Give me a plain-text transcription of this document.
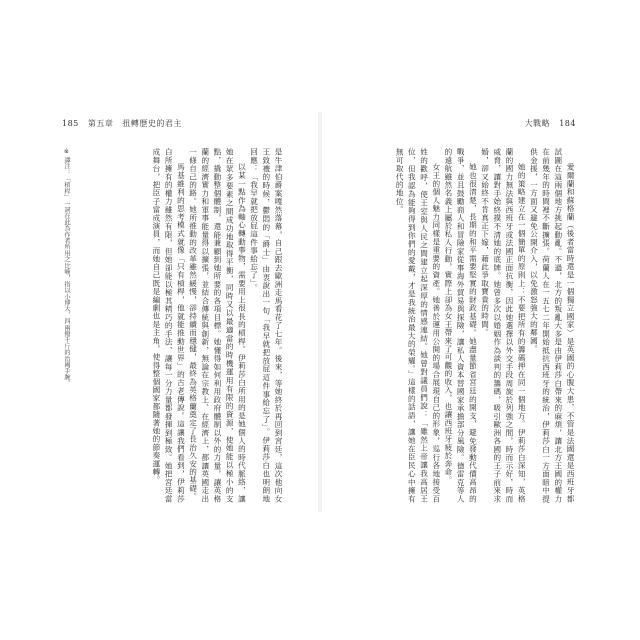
185 第五章 扭轉歷史的君主

是牛津伯爵案嘎然落幕，自己跟去歐洲走馬看花了七年。後來，等她終於再回到宮廷，這次他向女王致禮的時候，鬱悶的「爵士」由衷說出一句「我早就把放屁這件事給忘了」。伊莉莎白也明朗地回應：「我早就把放屁這件事給忘了」。

以某一點作為軸心轉動事物，需要用上很長的槓桿。伊莉莎白所用的是她個人的時代脈絡，讓她在眾多要素之間成功地取得平衡，同時又以最適當的時機運用有限的資源，使她能以極小的支點，撬動整個體制，還能兼顧到她所要的各項目標。她懂得如何利用政府體制以外的力量，讓英格蘭的經濟實力和軍事能量得以擴張，並結合傳統與創新，無論在宗教上、在經濟上，都讓英國走出一條自己的路。她所推動的改革雖然緩慢，卻持續而穩健，最終為英格蘭奠定了長治久安的基礎。

馬基維利的思考模式就像「只有槓桿，他就能推動世界」的古老傳說。這讓我們看到，伊莉莎白所擁有的權力雖然有限，但她卻能以極其精巧的手法，讓每一分力量都發揮到極致。她把宮廷當成舞台，把臣子當成演員，而她自己既是編劇也是主角，使得整個國家都隨著她的節奏運轉。

※ 譯注：「槓桿」一詞在此為作者所用之比喻，指以小博大、四兩撥千斤的治國手腕。
大戰略 184

愛爾蘭和蘇格蘭（後者當時還是一個獨立國家）是英國的心腹大患，不管是法國還是西班牙都試圖在這兩個地方挑起動亂。不過，北方的叛亂大多是由伊莉莎白帶來的麻煩，讓北方王國的權力在前幾年的時間裡不斷擴張。荷蘭人在一五七二年開始抵抗西班牙的統治，伊莉莎白一方面暗中提供金援，一方面又避免公開介入，以免激怒強大的鄰國。

她的策略建立在一個簡單的原則上：不要把所有的籌碼押在同一個地方。伊莉莎白深知，英格蘭的國力無法與西班牙或法國正面抗衡，因此她選擇以外交手段周旋於列強之間，時而示好，時而威脅，讓對手始終摸不清她的底牌。她曾多次以婚姻作為談判的籌碼，吸引歐洲各國的王子前來求婚，卻又始終不肯真正下嫁，藉此爭取寶貴的時間。

她也很清楚，長期的和平需要堅實的財政基礎。她盡量節省宮廷的開支，避免發動代價高昂的戰爭，並且鼓勵商人和冒險家從事海外貿易與探險，讓私人資本替國家承擔部分風險。德雷克等人的遠航雖然名義上屬於私人行動，實際上卻為女王帶來了可觀的收入，也讓西班牙疲於奔命。

女王的個人魅力同樣是重要的資產。她善於運用公開的場合展現自己的形象，巡行各地接受百姓的歡呼，使王室與人民之間建立起深厚的情感連結。她曾對議員們說：「雖然上帝讓我高居王位，但我認為能夠得到你們的愛戴，才是我統治最大的榮耀。」這樣的話語，讓她在臣民心中擁有無可取代的地位。
